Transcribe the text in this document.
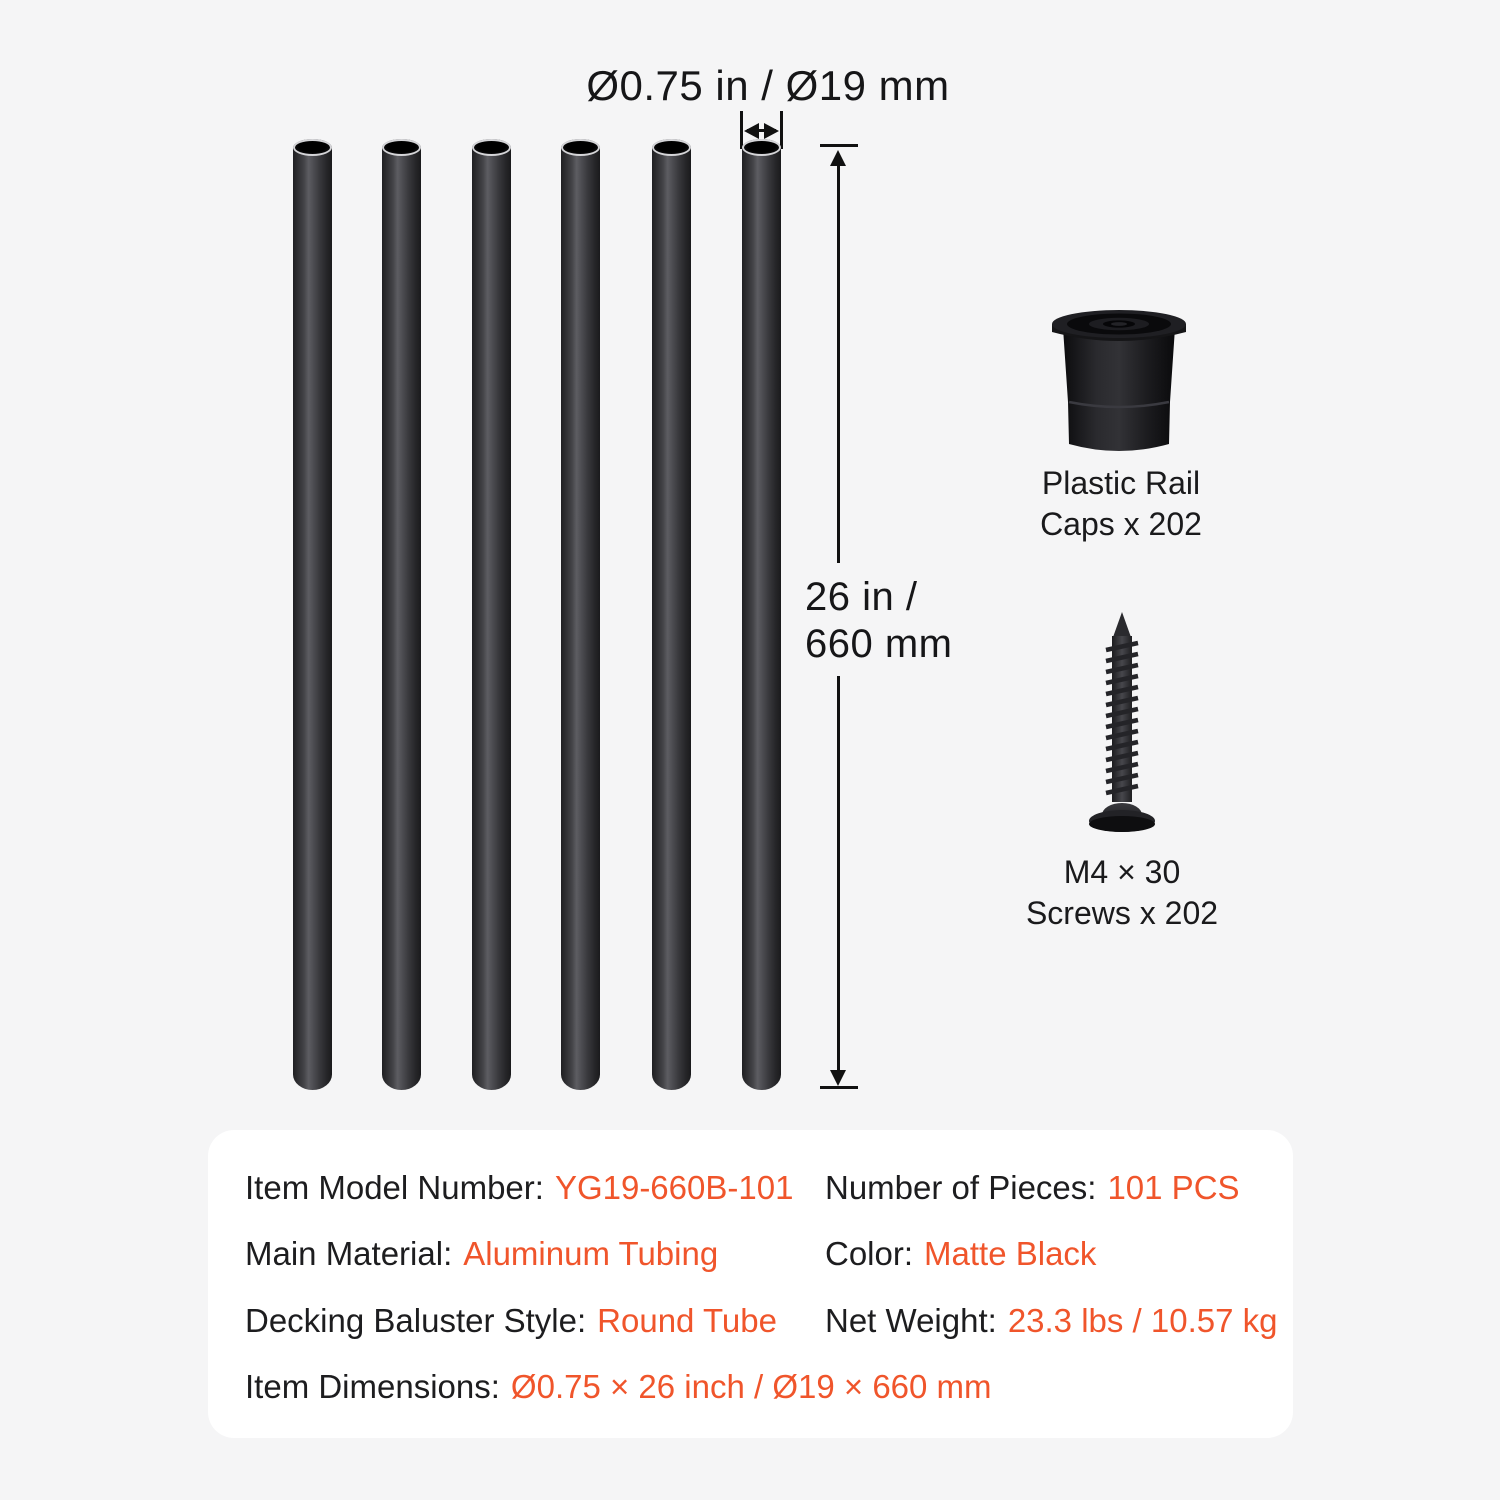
Ø0.75 in / Ø19 mm
26 in /
660 mm
Plastic Rail
Caps x 202
M4 × 30
Screws x 202
Item Model Number: YG19-660B-101 Number of Pieces: 101 PCS
Main Material: Aluminum Tubing	Color: Matte Black
Decking Baluster Style: Round Tube Net Weight: 23.3 lbs / 10.57 kg
Item Dimensions: Ø0.75 × 26 inch / Ø19 × 660 mm
